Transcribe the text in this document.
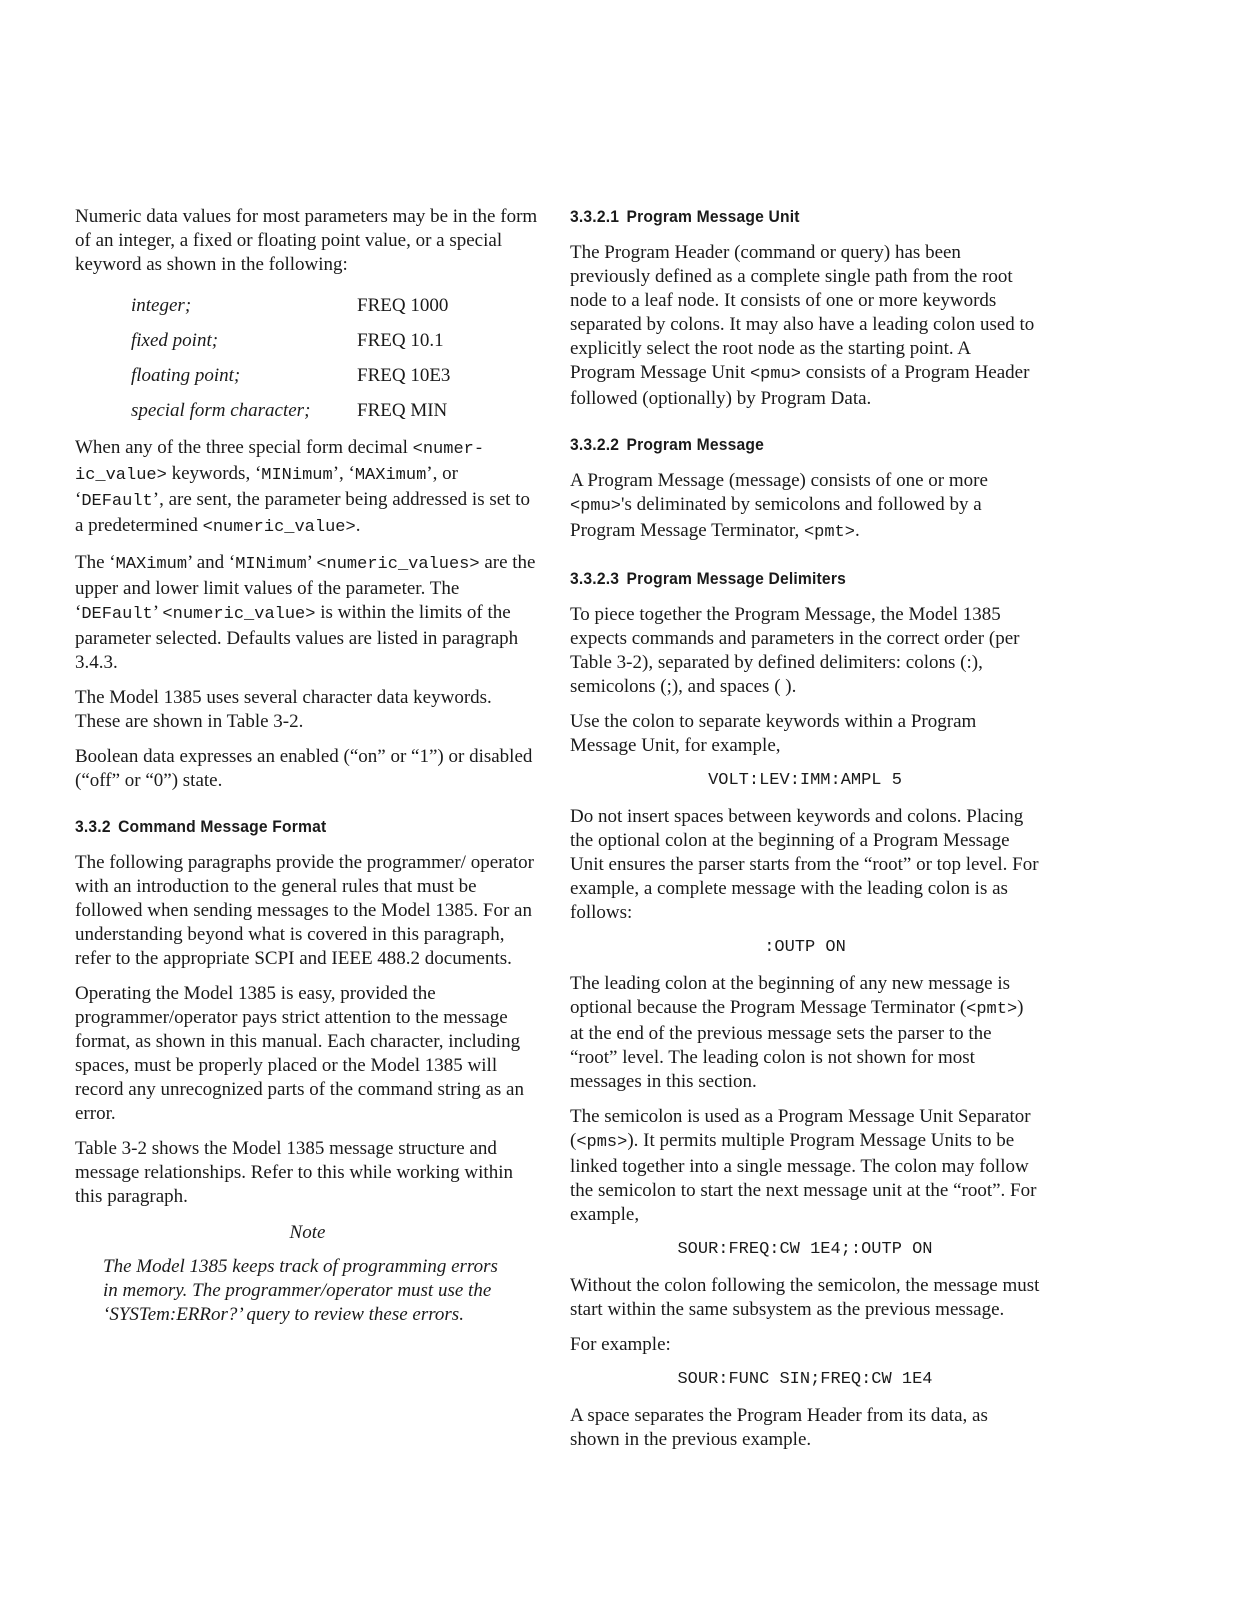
Numeric data values for most parameters may be in the form of an integer, a fixed or floating point value, or a special keyword as shown in the following:

integer;	FREQ 1000
fixed point;	FREQ 10.1
floating point;	FREQ 10E3
special form character;	FREQ MIN

When any of the three special form decimal <numer-ic_value> keywords, ‘MINimum’, ‘MAXimum’, or ‘DEFault’, are sent, the parameter being addressed is set to a predetermined <numeric_value>.

The ‘MAXimum’ and ‘MINimum’ <numeric_values> are the upper and lower limit values of the parameter. The ‘DEFault’ <numeric_value> is within the limits of the parameter selected. Defaults values are listed in paragraph 3.4.3.

The Model 1385 uses several character data keywords. These are shown in Table 3-2.

Boolean data expresses an enabled (“on” or “1”) or disabled (“off” or “0”) state.

3.3.2 Command Message Format

The following paragraphs provide the programmer/ operator with an introduction to the general rules that must be followed when sending messages to the Model 1385. For an understanding beyond what is covered in this paragraph, refer to the appropriate SCPI and IEEE 488.2 documents.

Operating the Model 1385 is easy, provided the programmer/operator pays strict attention to the message format, as shown in this manual. Each character, including spaces, must be properly placed or the Model 1385 will record any unrecognized parts of the command string as an error.

Table 3-2 shows the Model 1385 message structure and message relationships. Refer to this while working within this paragraph.

Note
The Model 1385 keeps track of programming errors in memory. The programmer/operator must use the ‘SYSTem:ERRor?’ query to review these errors.
3.3.2.1 Program Message Unit

The Program Header (command or query) has been previously defined as a complete single path from the root node to a leaf node. It consists of one or more keywords separated by colons. It may also have a leading colon used to explicitly select the root node as the starting point. A Program Message Unit <pmu> consists of a Program Header followed (optionally) by Program Data.

3.3.2.2 Program Message

A Program Message (message) consists of one or more <pmu>'s deliminated by semicolons and followed by a Program Message Terminator, <pmt>.

3.3.2.3 Program Message Delimiters

To piece together the Program Message, the Model 1385 expects commands and parameters in the correct order (per Table 3-2), separated by defined delimiters: colons (:), semicolons (;), and spaces ( ).

Use the colon to separate keywords within a Program Message Unit, for example,

VOLT:LEV:IMM:AMPL 5

Do not insert spaces between keywords and colons. Placing the optional colon at the beginning of a Program Message Unit ensures the parser starts from the “root” or top level. For example, a complete message with the leading colon is as follows:

:OUTP ON

The leading colon at the beginning of any new message is optional because the Program Message Terminator (<pmt>) at the end of the previous message sets the parser to the “root” level. The leading colon is not shown for most messages in this section.

The semicolon is used as a Program Message Unit Separator (<pms>). It permits multiple Program Message Units to be linked together into a single message. The colon may follow the semicolon to start the next message unit at the “root”. For example,

SOUR:FREQ:CW 1E4;:OUTP ON

Without the colon following the semicolon, the message must start within the same subsystem as the previous message.

For example:

SOUR:FUNC SIN;FREQ:CW 1E4

A space separates the Program Header from its data, as shown in the previous example.
